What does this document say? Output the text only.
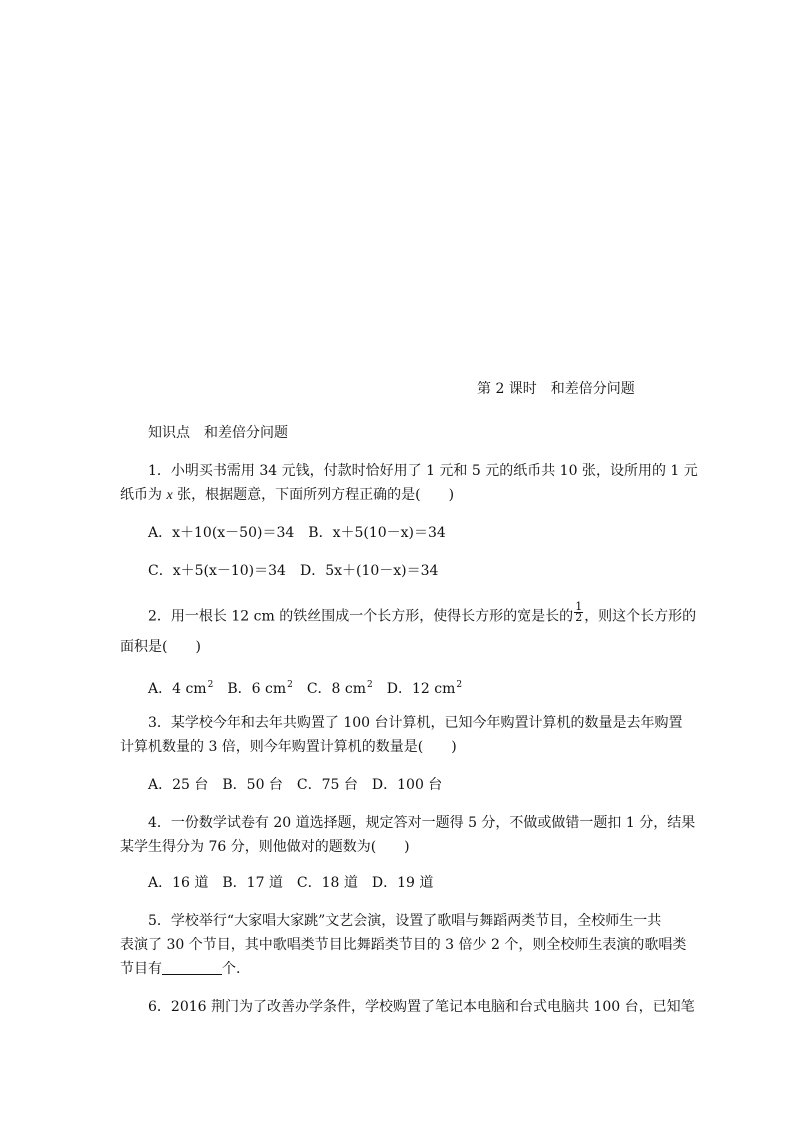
第 2 课时　和差倍分问题
知识点　和差倍分问题
1．小明买书需用 34 元钱，付款时恰好用了 1 元和 5 元的纸币共 10 张，设所用的 1 元
纸币为 x 张，根据题意，下面所列方程正确的是(　　)
A．x＋10(x－50)＝34　 B．x＋5(10－x)＝34
C．x＋5(x－10)＝34　 D．5x＋(10－x)＝34
2．用一根长 12 cm 的铁丝围成一个长方形，使得长方形的宽是长的 $\frac{1}{2}$ ，则这个长方形的
面积是(　　)
A．4 $cm^2$　 B．6 $cm^2$　 C．8 $cm^2$　 D．12 $cm^2$
3．某学校今年和去年共购置了 100 台计算机，已知今年购置计算机的数量是去年购置
计算机数量的 3 倍，则今年购置计算机的数量是(　　)
A．25 台　B．50 台　C．75 台　D．100 台
4．一份数学试卷有 20 道选择题，规定答对一题得 5 分，不做或做错一题扣 1 分，结果
某学生得分为 76 分，则他做对的题数为(　　)
A．16 道　B．17 道　C．18 道　D．19 道
5．学校举行“大家唱大家跳”文艺会演，设置了歌唱与舞蹈两类节目，全校师生一共
表演了 30 个节目，其中歌唱类节目比舞蹈类节目的 3 倍少 2 个，则全校师生表演的歌唱类
节目有	个.
6．2016 荆门为了改善办学条件，学校购置了笔记本电脑和台式电脑共 100 台，已知笔
